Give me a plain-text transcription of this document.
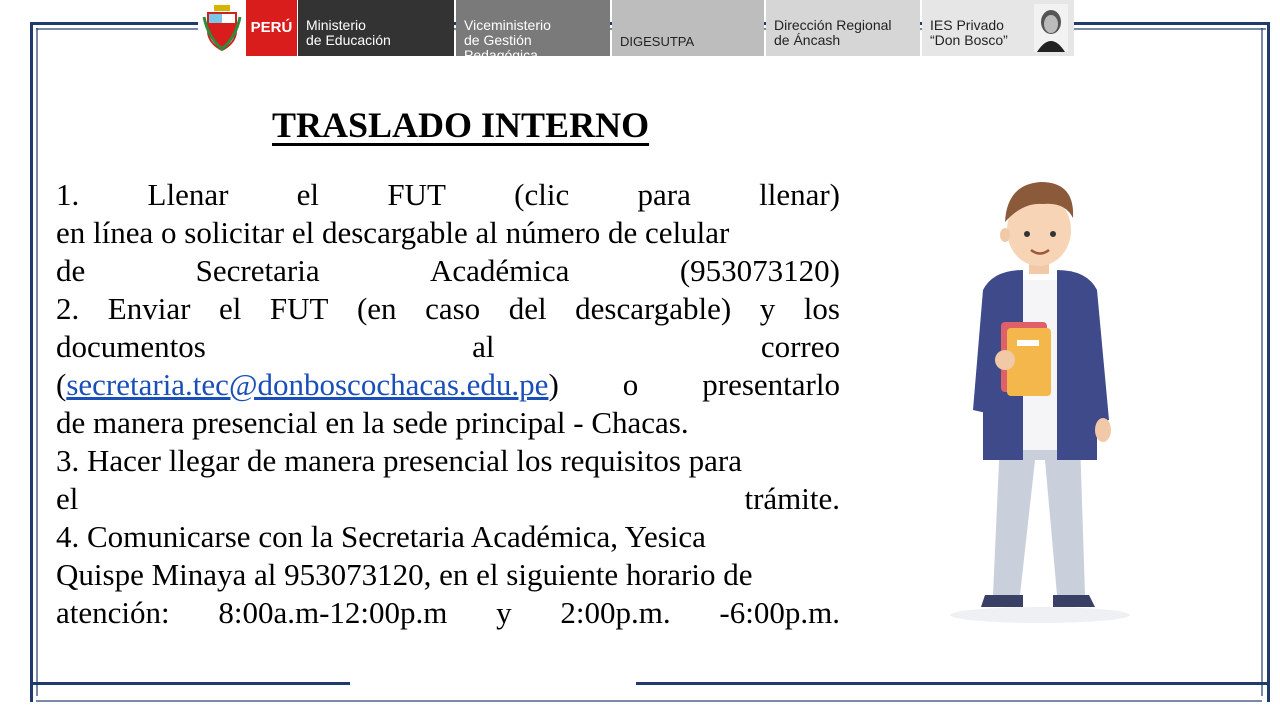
PERÚ Ministerio
de Educación
Viceministerio
de Gestión Pedagógica
DIGESUTPA
Dirección Regional
de Áncash
IES Privado
“Don Bosco”
TRASLADO INTERNO
1. Llenar el FUT (clic para llenar)
en línea o solicitar el descargable al número de celular
de	Secretaria	Académica	(953073120)
2. Enviar el FUT (en caso del descargable) y los
documentos	al	correo
(secretaria.tec@donboscochacas.edu.pe) o presentarlo
de manera presencial en la sede principal - Chacas.
3. Hacer llegar de manera presencial los requisitos para
el	trámite.
4. Comunicarse con la Secretaria Académica, Yesica
Quispe Minaya al 953073120, en el siguiente horario de
atención: 8:00a.m-12:00p.m y 2:00p.m. -6:00p.m.
